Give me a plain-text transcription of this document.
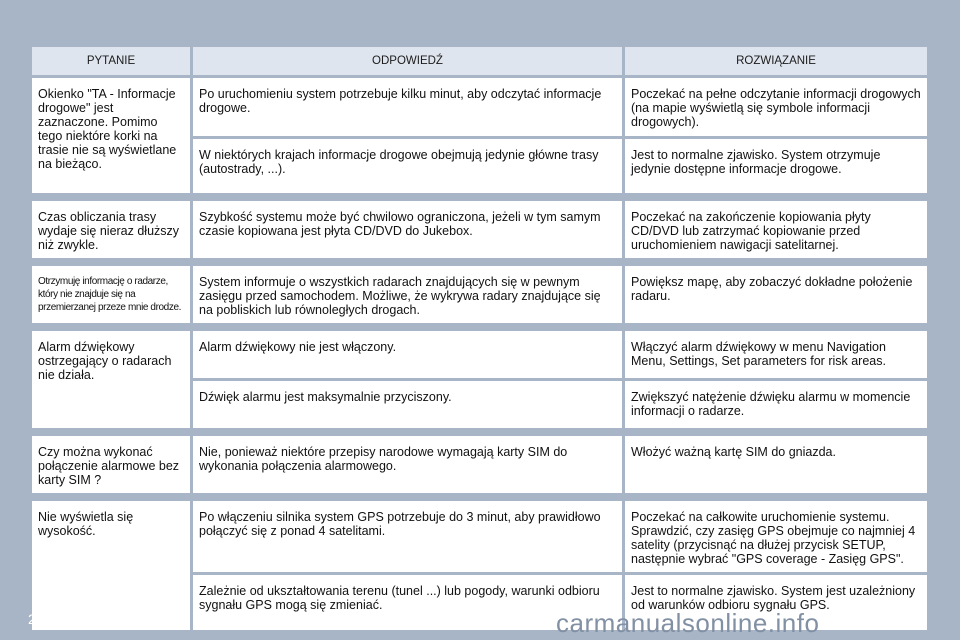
PYTANIE	ODPOWIEDŹ	ROZWIĄZANIE
Okienko "TA - Informacje drogowe" jest zaznaczone. Pomimo tego niektóre korki na trasie nie są wyświetlane na bieżąco.	Po uruchomieniu system potrzebuje kilku minut, aby odczytać informacje drogowe.	Poczekać na pełne odczytanie informacji drogowych (na mapie wyświetlą się symbole informacji drogowych).
	W niektórych krajach informacje drogowe obejmują jedynie główne trasy (autostrady, ...).	Jest to normalne zjawisko. System otrzymuje jedynie dostępne informacje drogowe.

Czas obliczania trasy wydaje się nieraz dłuższy niż zwykle.	Szybkość systemu może być chwilowo ograniczona, jeżeli w tym samym czasie kopiowana jest płyta CD/DVD do Jukebox.	Poczekać na zakończenie kopiowania płyty CD/DVD lub zatrzymać kopiowanie przed uruchomieniem nawigacji satelitarnej.

Otrzymuję informację o radarze, który nie znajduje się na przemierzanej przeze mnie drodze.	System informuje o wszystkich radarach znajdujących się w pewnym zasięgu przed samochodem. Możliwe, że wykrywa radary znajdujące się na pobliskich lub równoległych drogach.	Powiększ mapę, aby zobaczyć dokładne położenie radaru.

Alarm dźwiękowy ostrzegający o radarach nie działa.	Alarm dźwiękowy nie jest włączony.	Włączyć alarm dźwiękowy w menu Navigation Menu, Settings, Set parameters for risk areas.
	Dźwięk alarmu jest maksymalnie przyciszony.	Zwiększyć natężenie dźwięku alarmu w momencie informacji o radarze.

Czy można wykonać połączenie alarmowe bez karty SIM ?	Nie, ponieważ niektóre przepisy narodowe wymagają karty SIM do wykonania połączenia alarmowego.	Włożyć ważną kartę SIM do gniazda.

Nie wyświetla się wysokość.	Po włączeniu silnika system GPS potrzebuje do 3 minut, aby prawidłowo połączyć się z ponad 4 satelitami.	Poczekać na całkowite uruchomienie systemu. Sprawdzić, czy zasięg GPS obejmuje co najmniej 4 satelity (przycisnąć na dłużej przycisk SETUP, następnie wybrać "GPS coverage - Zasięg GPS".
	Zależnie od ukształtowania terenu (tunel ...) lub pogody, warunki odbioru sygnału GPS mogą się zmieniać.	Jest to normalne zjawisko. System jest uzależniony od warunków odbioru sygnału GPS.
270	carmanualsonline.info
